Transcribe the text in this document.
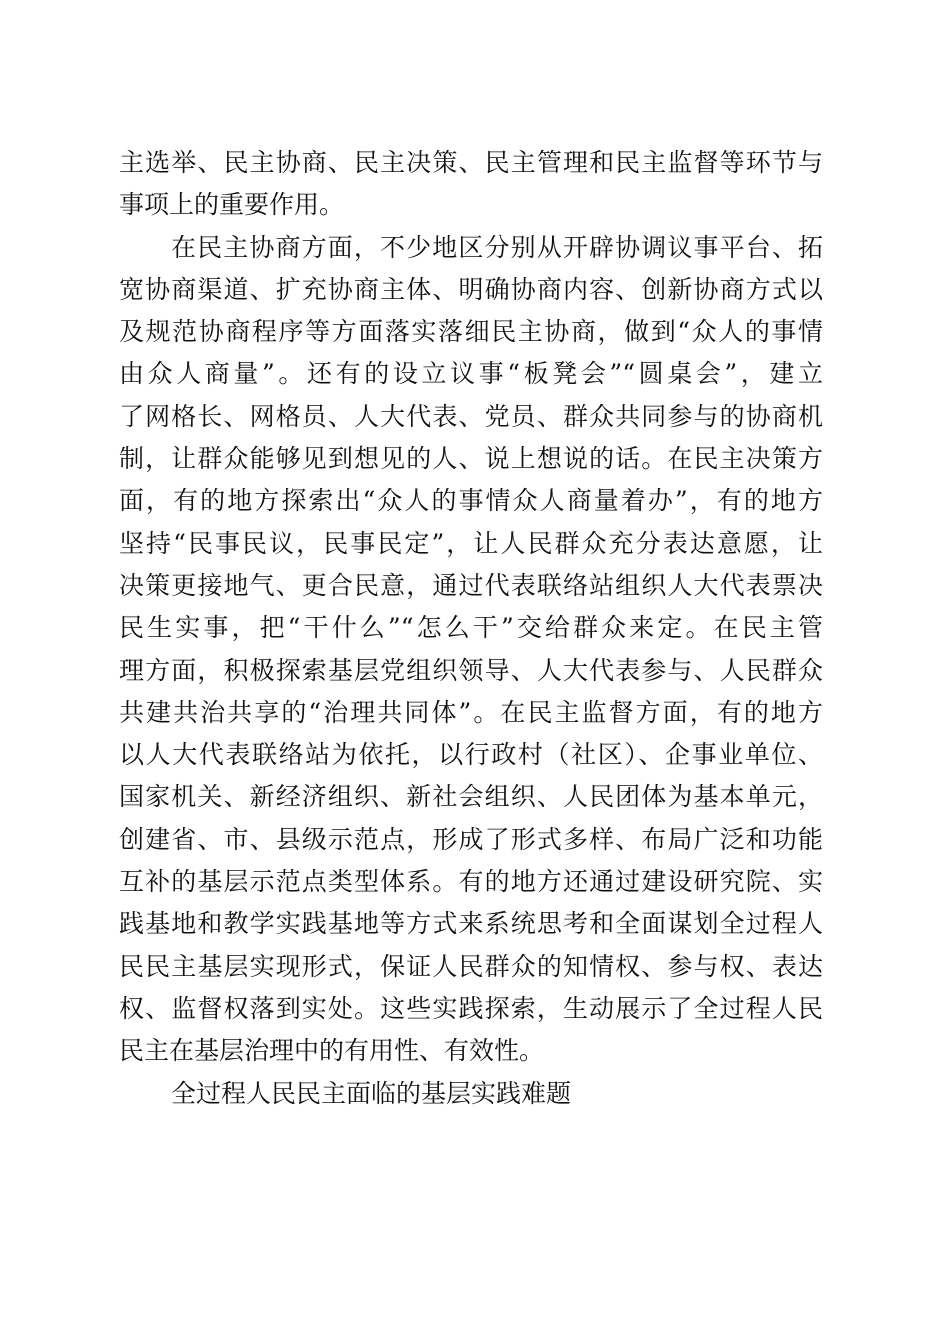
主选举、民主协商、民主决策、民主管理和民主监督等环节与
事项上的重要作用。
在民主协商方面，不少地区分别从开辟协调议事平台、拓
宽协商渠道、扩充协商主体、明确协商内容、创新协商方式以
及规范协商程序等方面落实落细民主协商，做到“众人的事情
由众人商量”。还有的设立议事“板凳会”“圆桌会”，建立
了网格长、网格员、人大代表、党员、群众共同参与的协商机
制，让群众能够见到想见的人、说上想说的话。在民主决策方
面，有的地方探索出“众人的事情众人商量着办”，有的地方
坚持“民事民议，民事民定”，让人民群众充分表达意愿，让
决策更接地气、更合民意，通过代表联络站组织人大代表票决
民生实事，把“干什么”“怎么干”交给群众来定。在民主管
理方面，积极探索基层党组织领导、人大代表参与、人民群众
共建共治共享的“治理共同体”。在民主监督方面，有的地方
以人大代表联络站为依托，以行政村（社区）、企事业单位、
国家机关、新经济组织、新社会组织、人民团体为基本单元，
创建省、市、县级示范点，形成了形式多样、布局广泛和功能
互补的基层示范点类型体系。有的地方还通过建设研究院、实
践基地和教学实践基地等方式来系统思考和全面谋划全过程人
民民主基层实现形式，保证人民群众的知情权、参与权、表达
权、监督权落到实处。这些实践探索，生动展示了全过程人民
民主在基层治理中的有用性、有效性。
全过程人民民主面临的基层实践难题
